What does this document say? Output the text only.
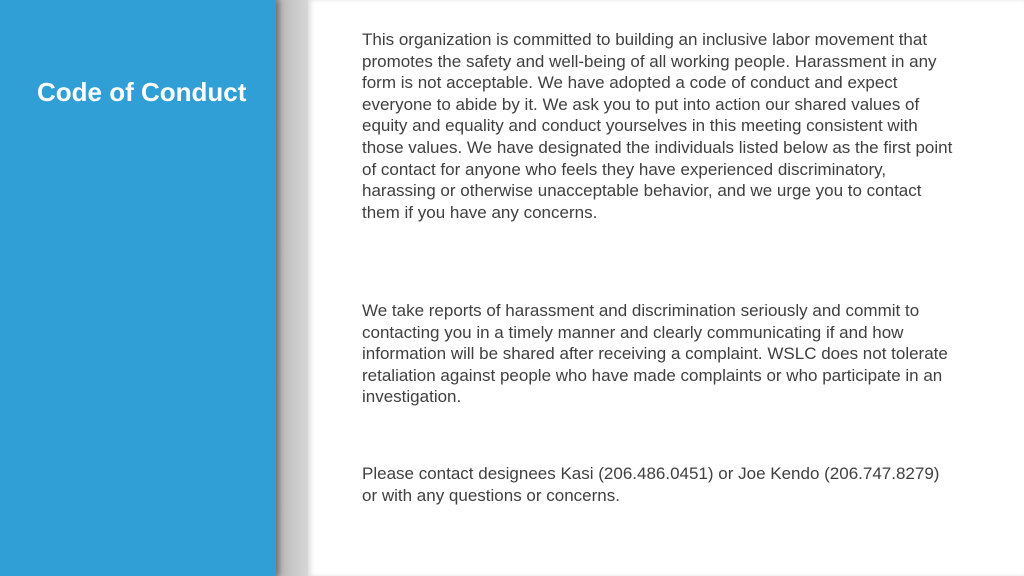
Code of Conduct

This organization is committed to building an inclusive labor movement that promotes the safety and well-being of all working people. Harassment in any form is not acceptable. We have adopted a code of conduct and expect everyone to abide by it. We ask you to put into action our shared values of equity and equality and conduct yourselves in this meeting consistent with those values. We have designated the individuals listed below as the first point of contact for anyone who feels they have experienced discriminatory, harassing or otherwise unacceptable behavior, and we urge you to contact them if you have any concerns.

We take reports of harassment and discrimination seriously and commit to contacting you in a timely manner and clearly communicating if and how information will be shared after receiving a complaint. WSLC does not tolerate retaliation against people who have made complaints or who participate in an investigation.

Please contact designees Kasi (206.486.0451) or Joe Kendo (206.747.8279) or with any questions or concerns.
